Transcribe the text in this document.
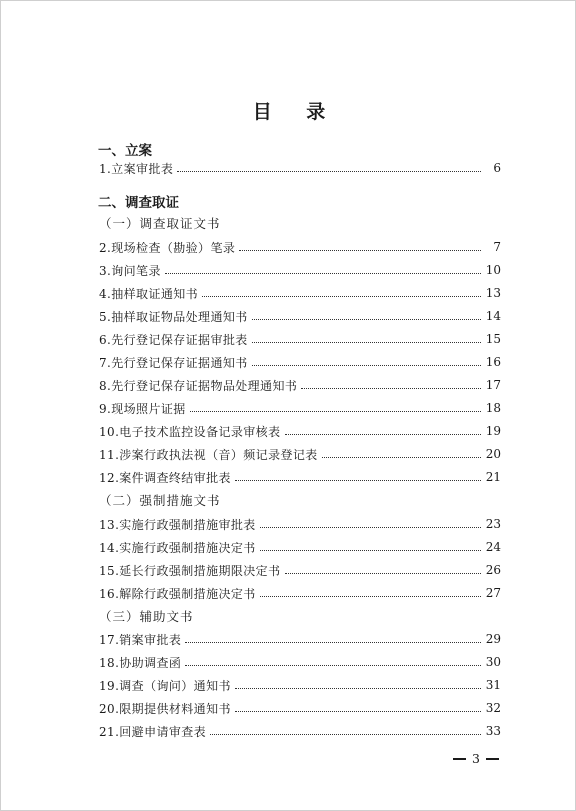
目 录
一、立案
1.立案审批表	6
二、调查取证
（一）调查取证文书
2.现场检查（勘验）笔录	7
3.询问笔录	10
4.抽样取证通知书	13
5.抽样取证物品处理通知书	14
6.先行登记保存证据审批表	15
7.先行登记保存证据通知书	16
8.先行登记保存证据物品处理通知书	17
9.现场照片证据	18
10.电子技术监控设备记录审核表	19
11.涉案行政执法视（音）频记录登记表	20
12.案件调查终结审批表	21
（二）强制措施文书
13.实施行政强制措施审批表	23
14.实施行政强制措施决定书	24
15.延长行政强制措施期限决定书	26
16.解除行政强制措施决定书	27
（三）辅助文书
17.销案审批表	29
18.协助调查函	30
19.调查（询问）通知书	31
20.限期提供材料通知书	32
21.回避申请审查表	33
3
